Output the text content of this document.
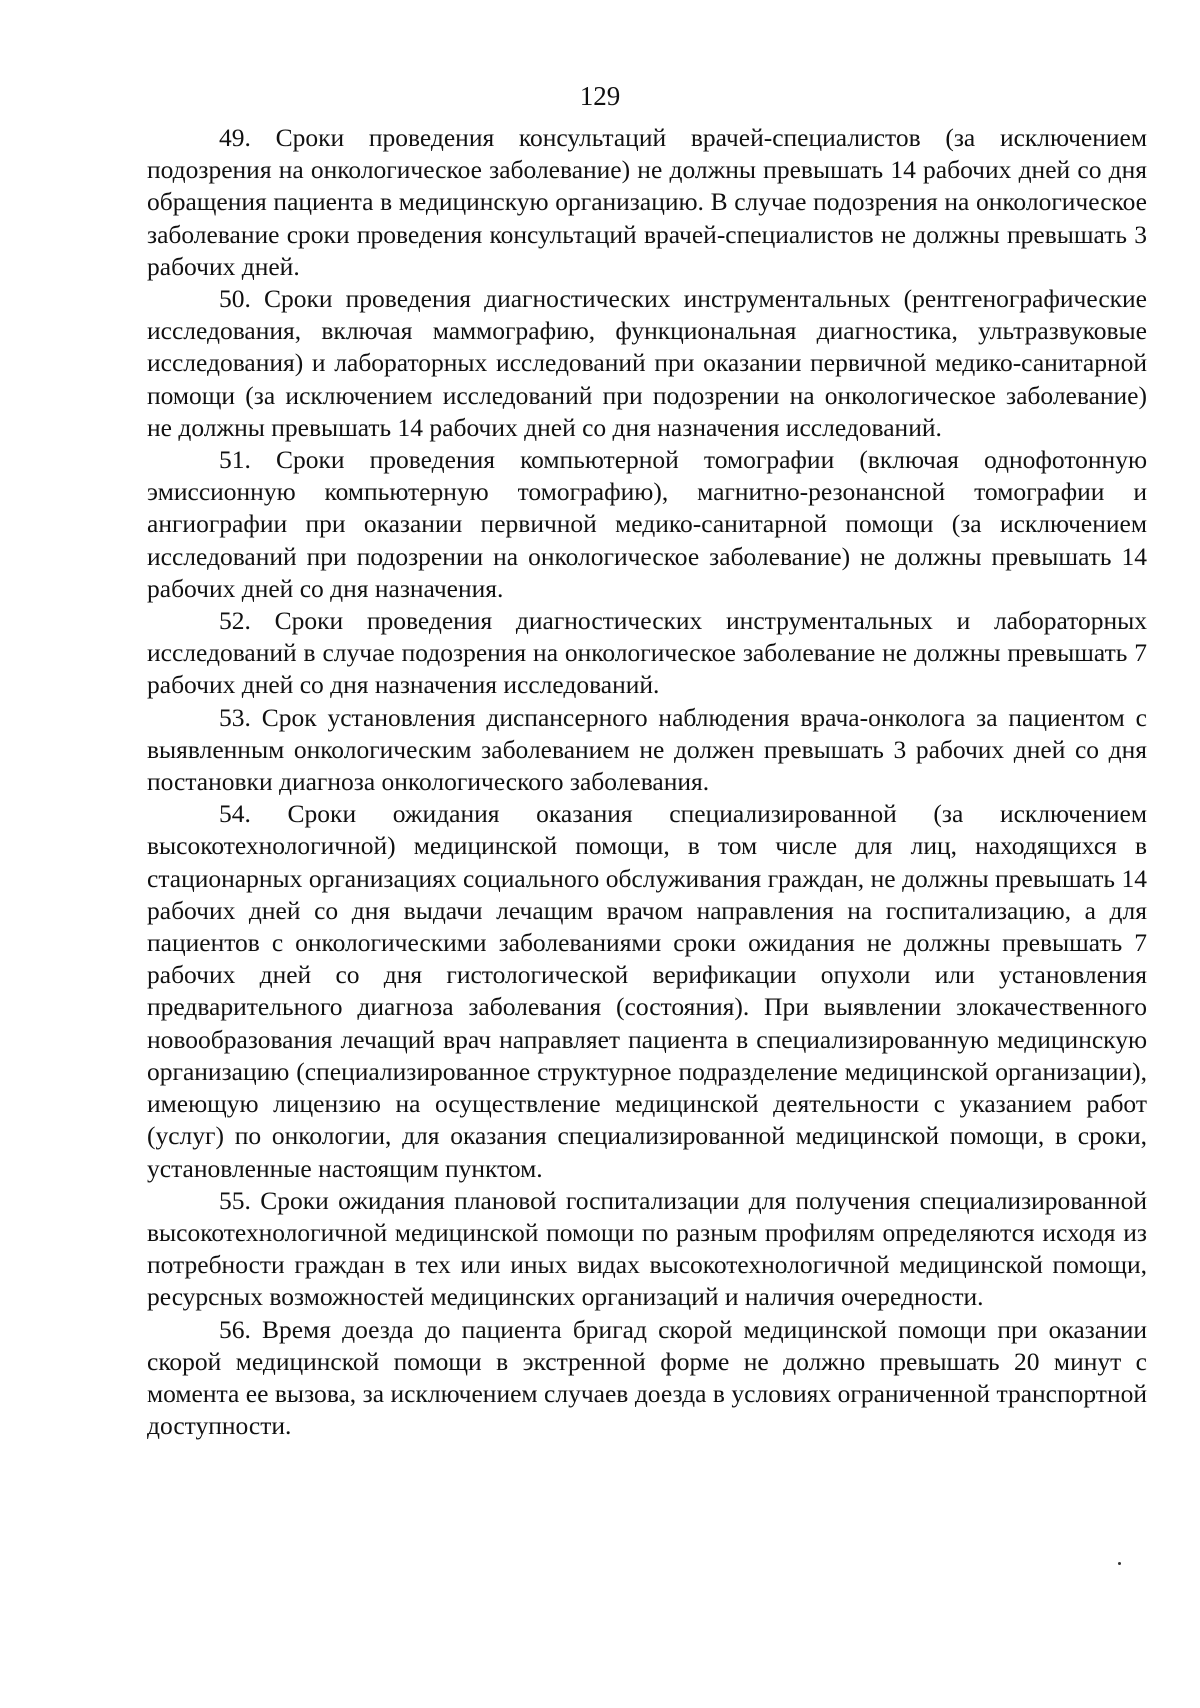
129

49. Сроки проведения консультаций врачей-специалистов (за исключением подозрения на онкологическое заболевание) не должны превышать 14 рабочих дней со дня обращения пациента в медицинскую организацию. В случае подозрения на онкологическое заболевание сроки проведения консультаций врачей-специалистов не должны превышать 3 рабочих дней.

50. Сроки проведения диагностических инструментальных (рентгенографические исследования, включая маммографию, функциональная диагностика, ультразвуковые исследования) и лабораторных исследований при оказании первичной медико-санитарной помощи (за исключением исследований при подозрении на онкологическое заболевание) не должны превышать 14 рабочих дней со дня назначения исследований.

51. Сроки проведения компьютерной томографии (включая однофотонную эмиссионную компьютерную томографию), магнитно-резонансной томографии и ангиографии при оказании первичной медико-санитарной помощи (за исключением исследований при подозрении на онкологическое заболевание) не должны превышать 14 рабочих дней со дня назначения.

52. Сроки проведения диагностических инструментальных и лабораторных исследований в случае подозрения на онкологическое заболевание не должны превышать 7 рабочих дней со дня назначения исследований.

53. Срок установления диспансерного наблюдения врача-онколога за пациентом с выявленным онкологическим заболеванием не должен превышать 3 рабочих дней со дня постановки диагноза онкологического заболевания.

54. Сроки ожидания оказания специализированной (за исключением высокотехнологичной) медицинской помощи, в том числе для лиц, находящихся в стационарных организациях социального обслуживания граждан, не должны превышать 14 рабочих дней со дня выдачи лечащим врачом направления на госпитализацию, а для пациентов с онкологическими заболеваниями сроки ожидания не должны превышать 7 рабочих дней со дня гистологической верификации опухоли или установления предварительного диагноза заболевания (состояния). При выявлении злокачественного новообразования лечащий врач направляет пациента в специализированную медицинскую организацию (специализированное структурное подразделение медицинской организации), имеющую лицензию на осуществление медицинской деятельности с указанием работ (услуг) по онкологии, для оказания специализированной медицинской помощи, в сроки, установленные настоящим пунктом.

55. Сроки ожидания плановой госпитализации для получения специализированной высокотехнологичной медицинской помощи по разным профилям определяются исходя из потребности граждан в тех или иных видах высокотехнологичной медицинской помощи, ресурсных возможностей медицинских организаций и наличия очередности.

56. Время доезда до пациента бригад скорой медицинской помощи при оказании скорой медицинской помощи в экстренной форме не должно превышать 20 минут с момента ее вызова, за исключением случаев доезда в условиях ограниченной транспортной доступности.
